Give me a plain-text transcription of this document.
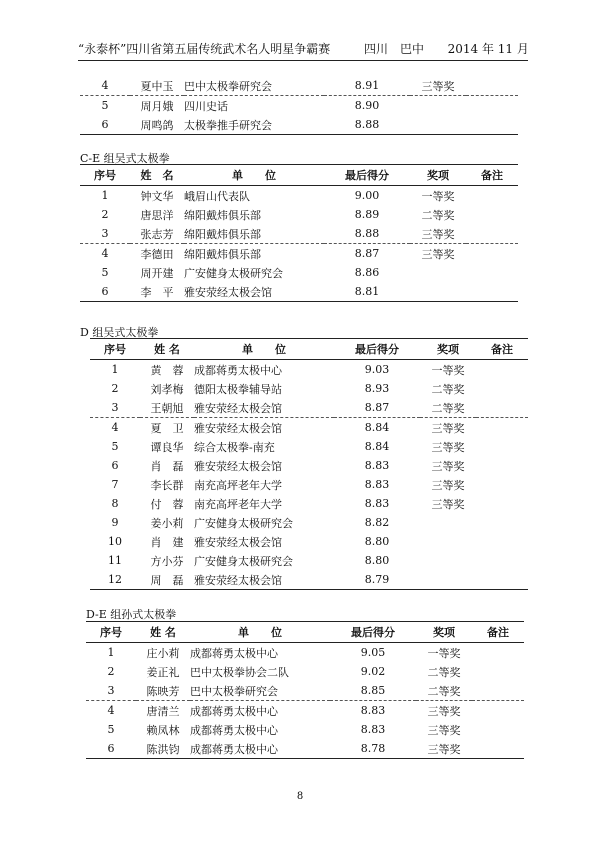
“永泰杯”四川省第五届传统武术名人明星争霸赛	四川　巴中 2014 年 11 月
4	夏中玉	巴中太极拳研究会	8.91	三等奖	
5	周月娥	四川史话	8.90		
6	周鸣鸽	太极拳推手研究会	8.88		
C-E 组吴式太极拳
序号	姓　名	单　　位	最后得分	奖项	备注
1	钟文华	峨眉山代表队	9.00	一等奖	
2	唐思洋	绵阳戴炜俱乐部	8.89	二等奖	
3	张志芳	绵阳戴炜俱乐部	8.88	三等奖	
4	李德田	绵阳戴炜俱乐部	8.87	三等奖	
5	周开建	广安健身太极研究会	8.86		
6	李　平	雅安荥经太极会馆	8.81		
D 组吴式太极拳
序号	姓 名	单　　位	最后得分	奖项	备注
1	黄　蓉	成都蒋勇太极中心	9.03	一等奖	
2	刘孝梅	德阳太极拳辅导站	8.93	二等奖	
3	王朝旭	雅安荥经太极会馆	8.87	二等奖	
4	夏　卫	雅安荥经太极会馆	8.84	三等奖	
5	谭良华	综合太极拳-南充	8.84	三等奖	
6	肖　磊	雅安荥经太极会馆	8.83	三等奖	
7	李长群	南充高坪老年大学	8.83	三等奖	
8	付　蓉	南充高坪老年大学	8.83	三等奖	
9	姜小莉	广安健身太极研究会	8.82		
10	肖　建	雅安荥经太极会馆	8.80		
11	方小芬	广安健身太极研究会	8.80		
12	周　磊	雅安荥经太极会馆	8.79		
D-E 组孙式太极拳
序号	姓 名	单　　位	最后得分	奖项	备注
1	庄小莉	成都蒋勇太极中心	9.05	一等奖	
2	姜正礼	巴中太极拳协会二队	9.02	二等奖	
3	陈映芳	巴中太极拳研究会	8.85	二等奖	
4	唐清兰	成都蒋勇太极中心	8.83	三等奖	
5	赖凤林	成都蒋勇太极中心	8.83	三等奖	
6	陈洪钧	成都蒋勇太极中心	8.78	三等奖	
8
